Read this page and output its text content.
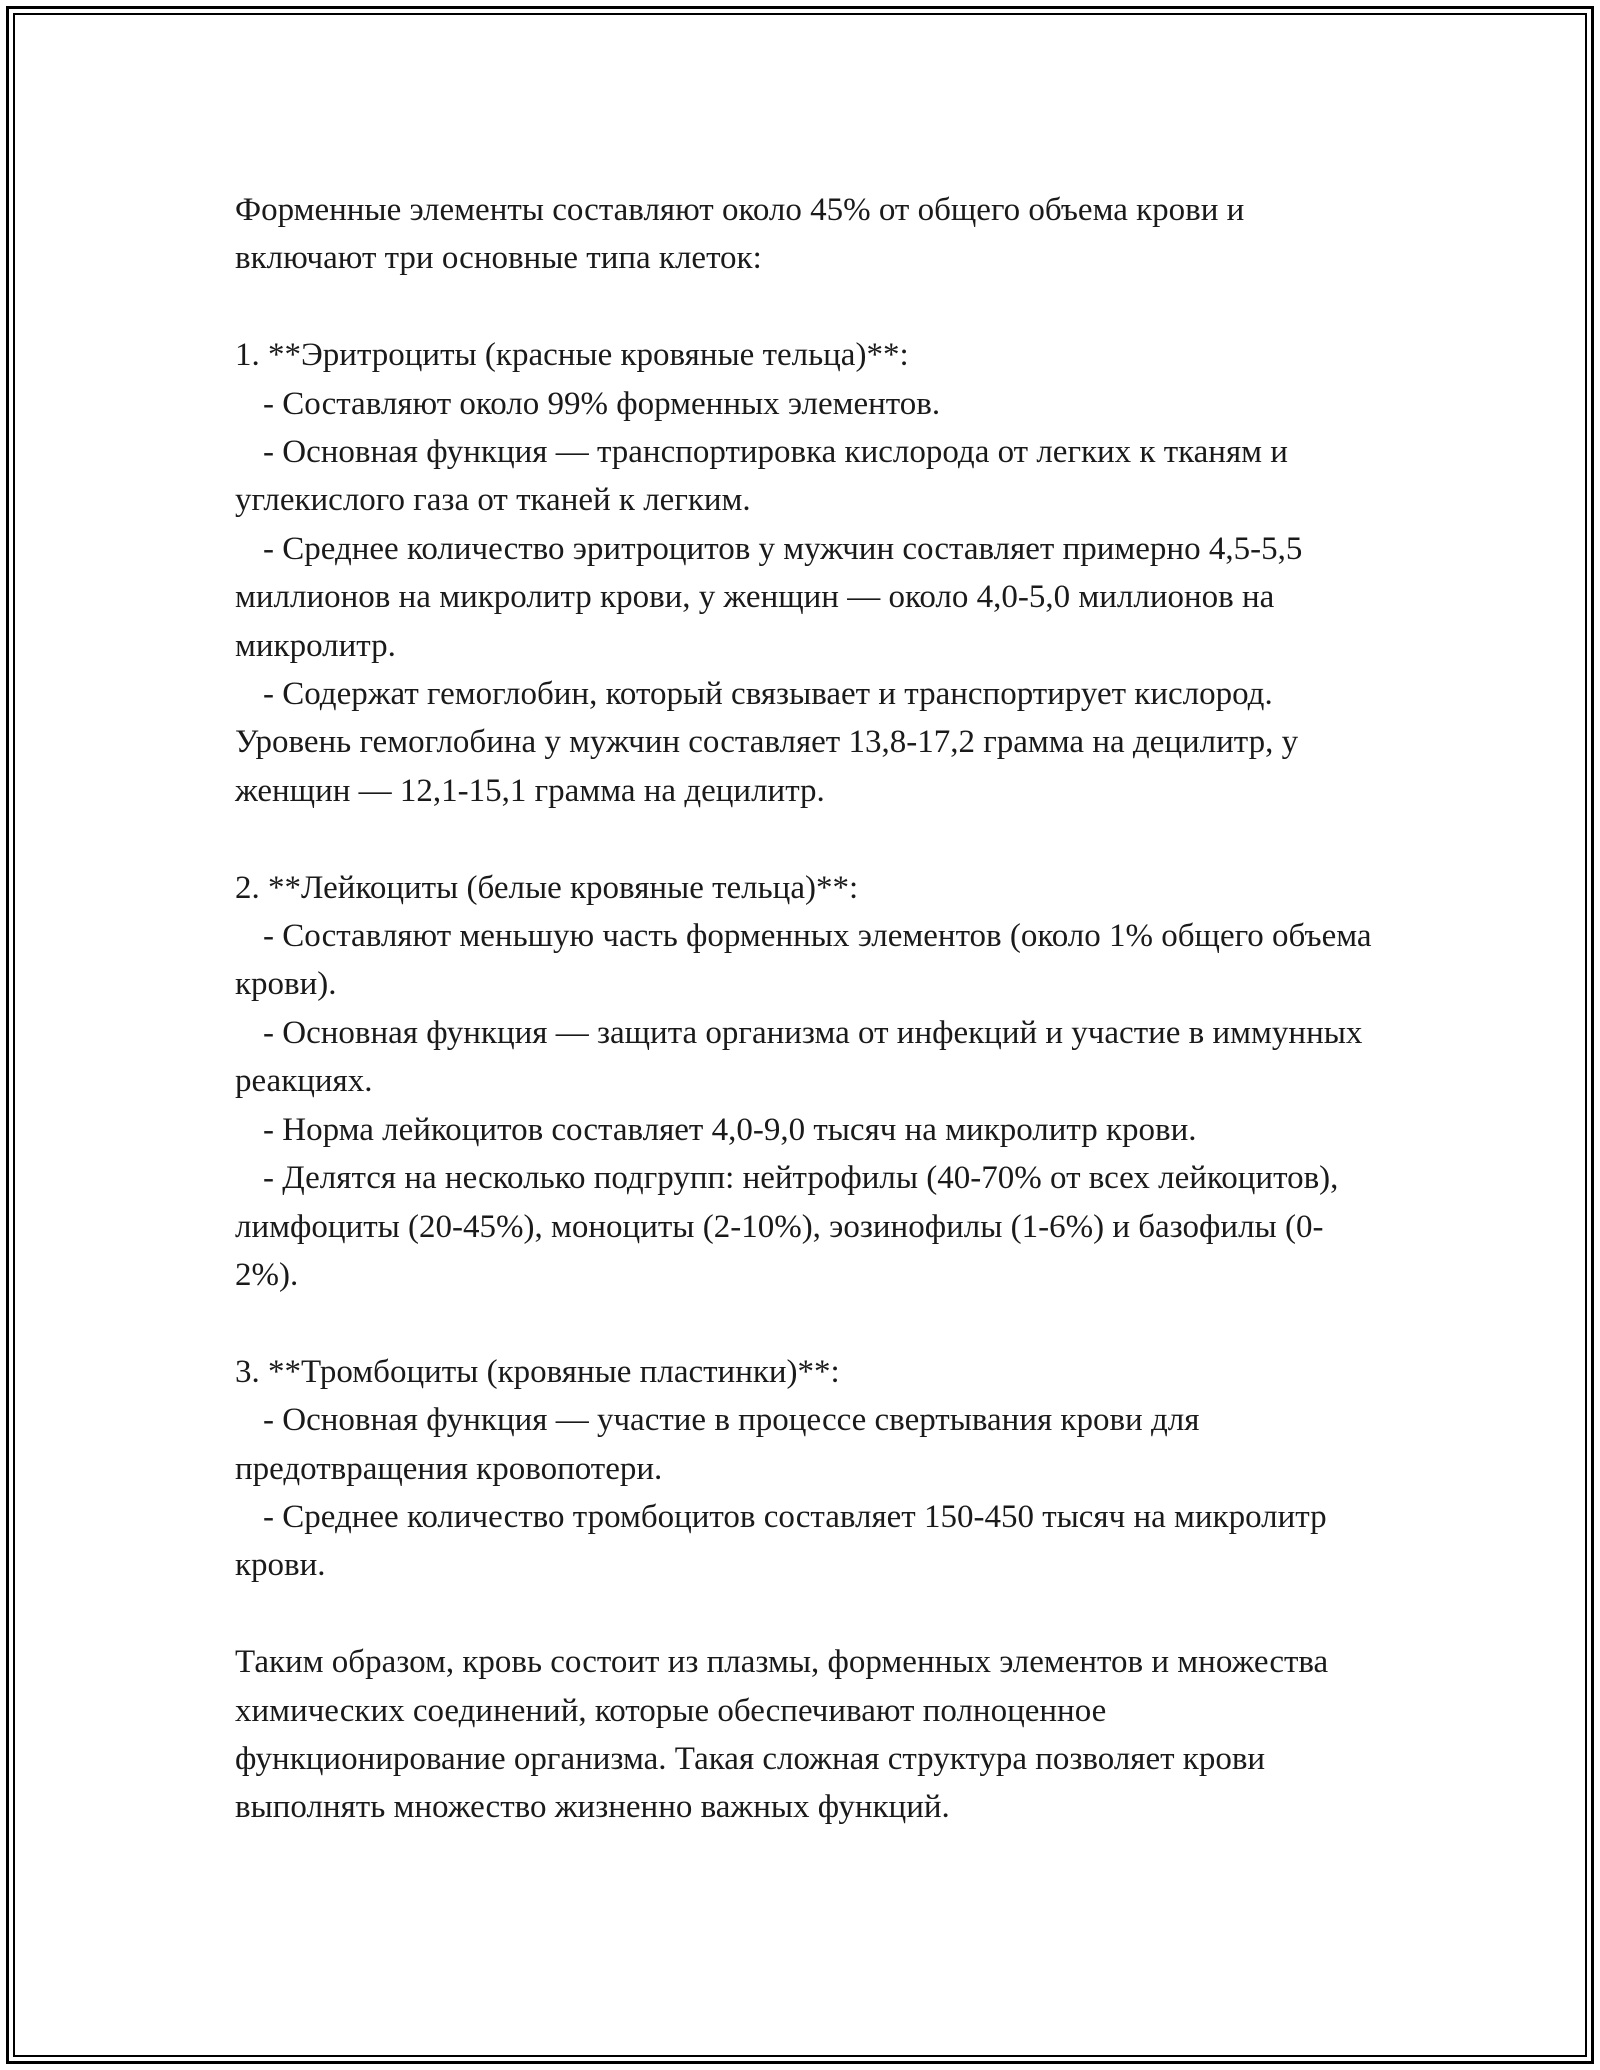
Форменные элементы составляют около 45% от общего объема крови и включают три основные типа клеток:

1. **Эритроциты (красные кровяные тельца)**:

- Составляют около 99% форменных элементов.

- Основная функция — транспортировка кислорода от легких к тканям и углекислого газа от тканей к легким.

- Среднее количество эритроцитов у мужчин составляет примерно 4,5-5,5 миллионов на микролитр крови, у женщин — около 4,0-5,0 миллионов на микролитр.

- Содержат гемоглобин, который связывает и транспортирует кислород. Уровень гемоглобина у мужчин составляет 13,8-17,2 грамма на децилитр, у женщин — 12,1-15,1 грамма на децилитр.

2. **Лейкоциты (белые кровяные тельца)**:

- Составляют меньшую часть форменных элементов (около 1% общего объема крови).

- Основная функция — защита организма от инфекций и участие в иммунных реакциях.

- Норма лейкоцитов составляет 4,0-9,0 тысяч на микролитр крови.

- Делятся на несколько подгрупп: нейтрофилы (40-70% от всех лейкоцитов), лимфоциты (20-45%), моноциты (2-10%), эозинофилы (1-6%) и базофилы (0-2%).

3. **Тромбоциты (кровяные пластинки)**:

- Основная функция — участие в процессе свертывания крови для предотвращения кровопотери.

- Среднее количество тромбоцитов составляет 150-450 тысяч на микролитр крови.

Таким образом, кровь состоит из плазмы, форменных элементов и множества химических соединений, которые обеспечивают полноценное функционирование организма. Такая сложная структура позволяет крови выполнять множество жизненно важных функций.
